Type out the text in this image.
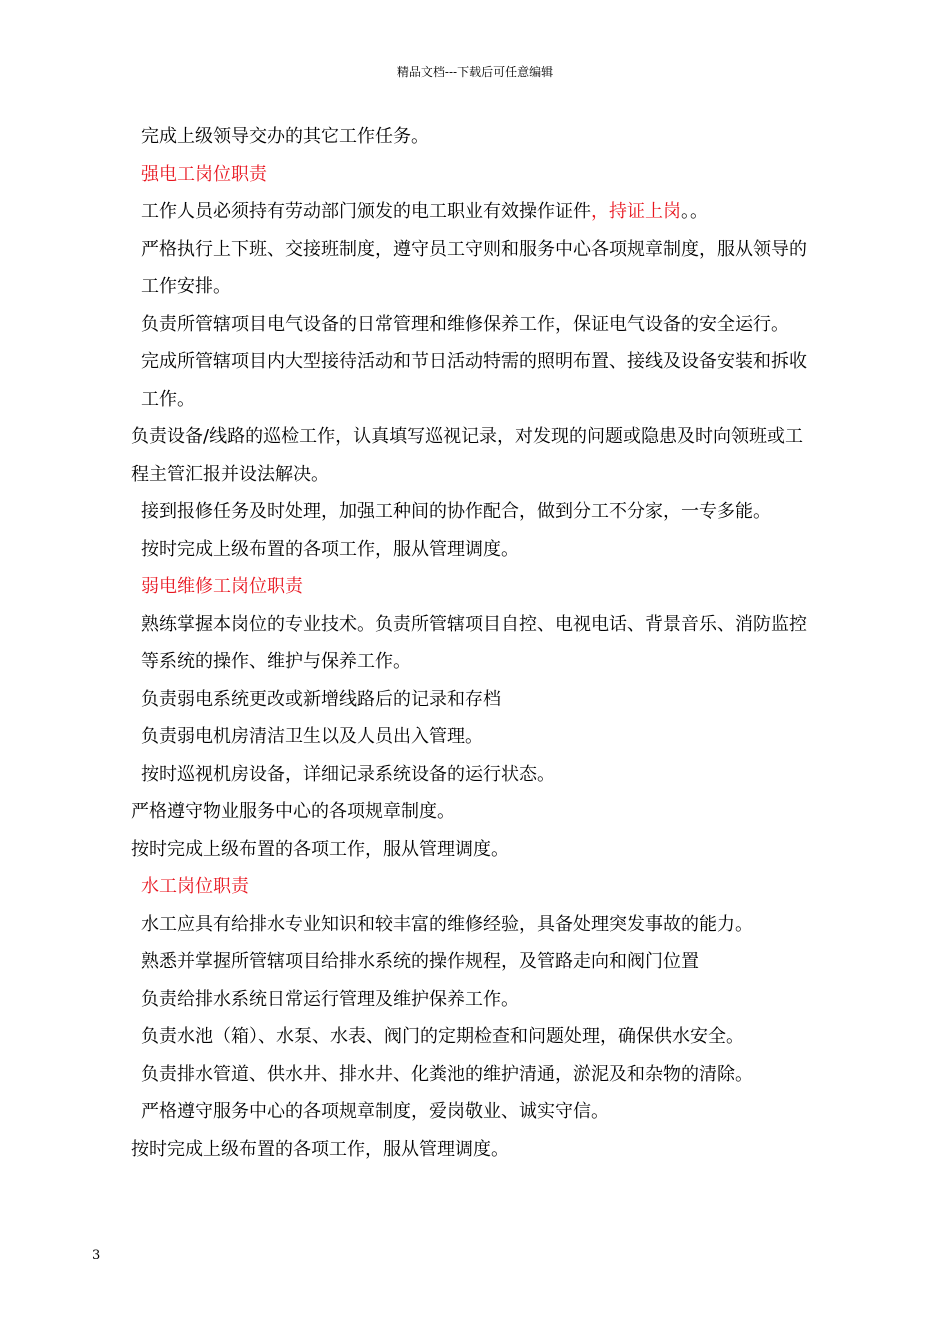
精品文档---下载后可任意编辑

完成上级领导交办的其它工作任务。

强电工岗位职责

工作人员必须持有劳动部门颁发的电工职业有效操作证件，持证上岗。。

严格执行上下班、交接班制度，遵守员工守则和服务中心各项规章制度，服从领导的工作安排。

负责所管辖项目电气设备的日常管理和维修保养工作，保证电气设备的安全运行。

完成所管辖项目内大型接待活动和节日活动特需的照明布置、接线及设备安装和拆收工作。

负责设备/线路的巡检工作，认真填写巡视记录，对发现的问题或隐患及时向领班或工程主管汇报并设法解决。

接到报修任务及时处理，加强工种间的协作配合，做到分工不分家，一专多能。

按时完成上级布置的各项工作，服从管理调度。

弱电维修工岗位职责

熟练掌握本岗位的专业技术。负责所管辖项目自控、电视电话、背景音乐、消防监控等系统的操作、维护与保养工作。

负责弱电系统更改或新增线路后的记录和存档

负责弱电机房清洁卫生以及人员出入管理。

按时巡视机房设备，详细记录系统设备的运行状态。

严格遵守物业服务中心的各项规章制度。

按时完成上级布置的各项工作，服从管理调度。

水工岗位职责

水工应具有给排水专业知识和较丰富的维修经验，具备处理突发事故的能力。

熟悉并掌握所管辖项目给排水系统的操作规程，及管路走向和阀门位置

负责给排水系统日常运行管理及维护保养工作。

负责水池（箱）、水泵、水表、阀门的定期检查和问题处理，确保供水安全。

负责排水管道、供水井、排水井、化粪池的维护清通，淤泥及和杂物的清除。

严格遵守服务中心的各项规章制度，爱岗敬业、诚实守信。

按时完成上级布置的各项工作，服从管理调度。

3
